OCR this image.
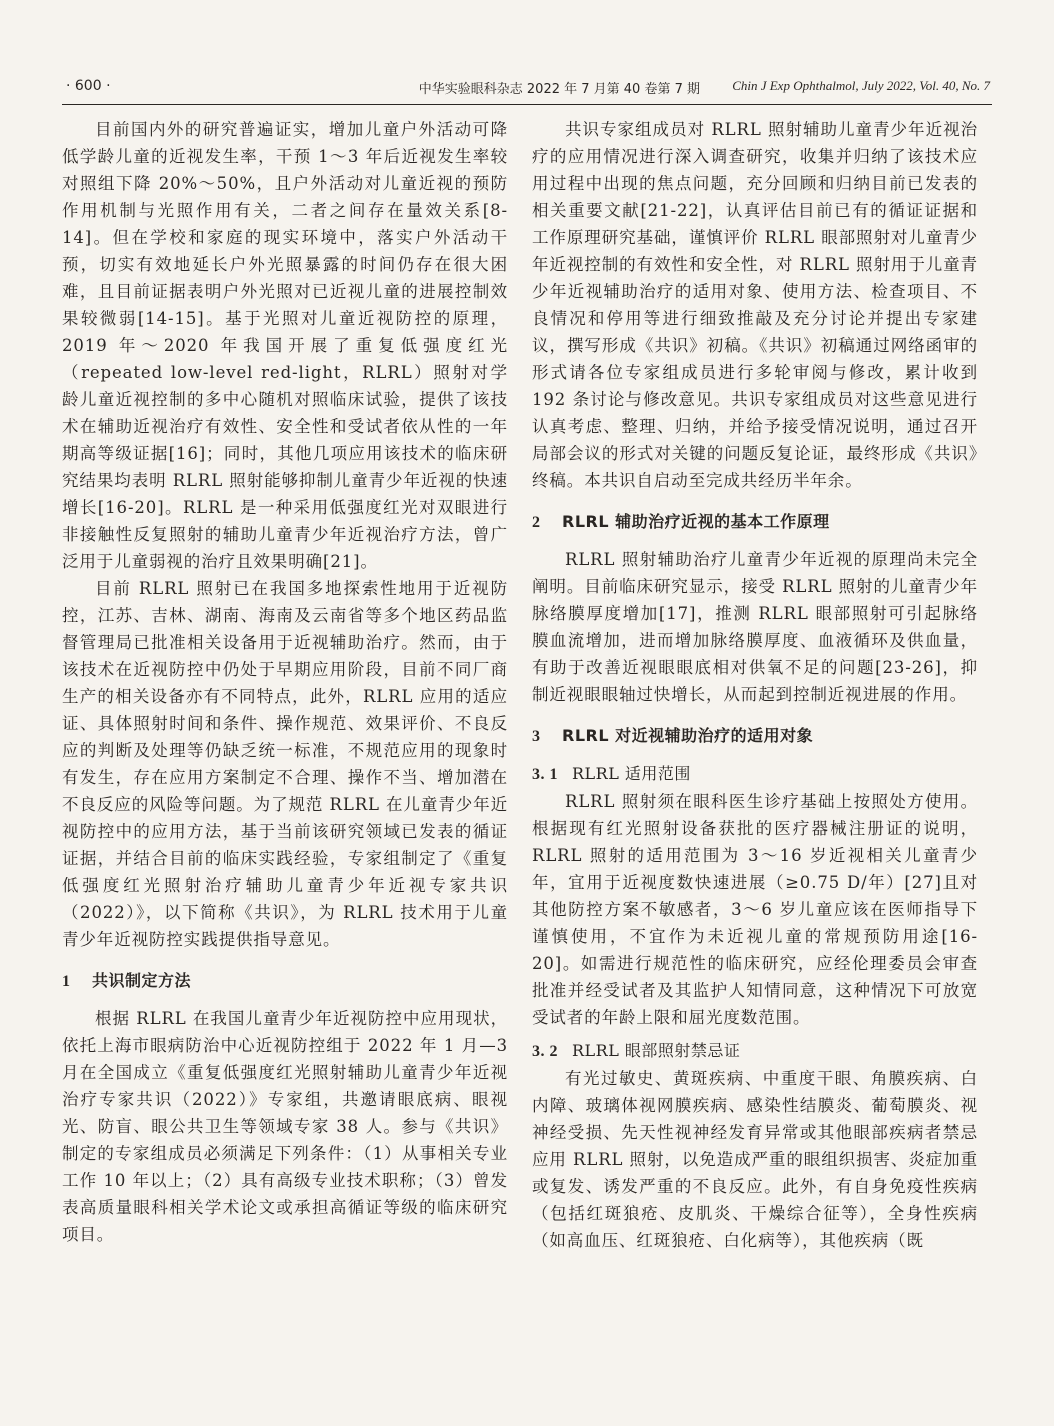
· 600 ·	中华实验眼科杂志 2022 年 7 月第 40 卷第 7 期 Chin J Exp Ophthalmol, July 2022, Vol. 40, No. 7

目前国内外的研究普遍证实，增加儿童户外活动可降低学龄儿童的近视发生率，干预 1～3 年后近视发生率较对照组下降 20%～50%，且户外活动对儿童近视的预防作用机制与光照作用有关，二者之间存在量效关系[8-14]。但在学校和家庭的现实环境中，落实户外活动干预，切实有效地延长户外光照暴露的时间仍存在很大困难，且目前证据表明户外光照对已近视儿童的进展控制效果较微弱[14-15]。基于光照对儿童近视防控的原理，2019 年～2020 年我国开展了重复低强度红光（repeated low-level red-light，RLRL）照射对学龄儿童近视控制的多中心随机对照临床试验，提供了该技术在辅助近视治疗有效性、安全性和受试者依从性的一年期高等级证据[16]；同时，其他几项应用该技术的临床研究结果均表明 RLRL 照射能够抑制儿童青少年近视的快速增长[16-20]。RLRL 是一种采用低强度红光对双眼进行非接触性反复照射的辅助儿童青少年近视治疗方法，曾广泛用于儿童弱视的治疗且效果明确[21]。

目前 RLRL 照射已在我国多地探索性地用于近视防控，江苏、吉林、湖南、海南及云南省等多个地区药品监督管理局已批准相关设备用于近视辅助治疗。然而，由于该技术在近视防控中仍处于早期应用阶段，目前不同厂商生产的相关设备亦有不同特点，此外，RLRL 应用的适应证、具体照射时间和条件、操作规范、效果评价、不良反应的判断及处理等仍缺乏统一标准，不规范应用的现象时有发生，存在应用方案制定不合理、操作不当、增加潜在不良反应的风险等问题。为了规范 RLRL 在儿童青少年近视防控中的应用方法，基于当前该研究领域已发表的循证证据，并结合目前的临床实践经验，专家组制定了《重复低强度红光照射治疗辅助儿童青少年近视专家共识（2022）》，以下简称《共识》，为 RLRL 技术用于儿童青少年近视防控实践提供指导意见。

1 共识制定方法

根据 RLRL 在我国儿童青少年近视防控中应用现状，依托上海市眼病防治中心近视防控组于 2022 年 1 月—3 月在全国成立《重复低强度红光照射辅助儿童青少年近视治疗专家共识（2022）》专家组，共邀请眼底病、眼视光、防盲、眼公共卫生等领域专家 38 人。参与《共识》制定的专家组成员必须满足下列条件：（1）从事相关专业工作 10 年以上；（2）具有高级专业技术职称；（3）曾发表高质量眼科相关学术论文或承担高循证等级的临床研究项目。

共识专家组成员对 RLRL 照射辅助儿童青少年近视治疗的应用情况进行深入调查研究，收集并归纳了该技术应用过程中出现的焦点问题，充分回顾和归纳目前已发表的相关重要文献[21-22]，认真评估目前已有的循证证据和工作原理研究基础，谨慎评价 RLRL 眼部照射对儿童青少年近视控制的有效性和安全性，对 RLRL 照射用于儿童青少年近视辅助治疗的适用对象、使用方法、检查项目、不良情况和停用等进行细致推敲及充分讨论并提出专家建议，撰写形成《共识》初稿。《共识》初稿通过网络函审的形式请各位专家组成员进行多轮审阅与修改，累计收到 192 条讨论与修改意见。共识专家组成员对这些意见进行认真考虑、整理、归纳，并给予接受情况说明，通过召开局部会议的形式对关键的问题反复论证，最终形成《共识》终稿。本共识自启动至完成共经历半年余。

2 RLRL 辅助治疗近视的基本工作原理

RLRL 照射辅助治疗儿童青少年近视的原理尚未完全阐明。目前临床研究显示，接受 RLRL 照射的儿童青少年脉络膜厚度增加[17]，推测 RLRL 眼部照射可引起脉络膜血流增加，进而增加脉络膜厚度、血液循环及供血量，有助于改善近视眼眼底相对供氧不足的问题[23-26]，抑制近视眼眼轴过快增长，从而起到控制近视进展的作用。

3 RLRL 对近视辅助治疗的适用对象
3. 1 RLRL 适用范围

RLRL 照射须在眼科医生诊疗基础上按照处方使用。根据现有红光照射设备获批的医疗器械注册证的说明，RLRL 照射的适用范围为 3～16 岁近视相关儿童青少年，宜用于近视度数快速进展（≥0.75 D/年）[27]且对其他防控方案不敏感者，3～6 岁儿童应该在医师指导下谨慎使用，不宜作为未近视儿童的常规预防用途[16-20]。如需进行规范性的临床研究，应经伦理委员会审查批准并经受试者及其监护人知情同意，这种情况下可放宽受试者的年龄上限和屈光度数范围。

3. 2 RLRL 眼部照射禁忌证

有光过敏史、黄斑疾病、中重度干眼、角膜疾病、白内障、玻璃体视网膜疾病、感染性结膜炎、葡萄膜炎、视神经受损、先天性视神经发育异常或其他眼部疾病者禁忌应用 RLRL 照射，以免造成严重的眼组织损害、炎症加重或复发、诱发严重的不良反应。此外，有自身免疫性疾病（包括红斑狼疮、皮肌炎、干燥综合征等），全身性疾病（如高血压、红斑狼疮、白化病等），其他疾病（既
